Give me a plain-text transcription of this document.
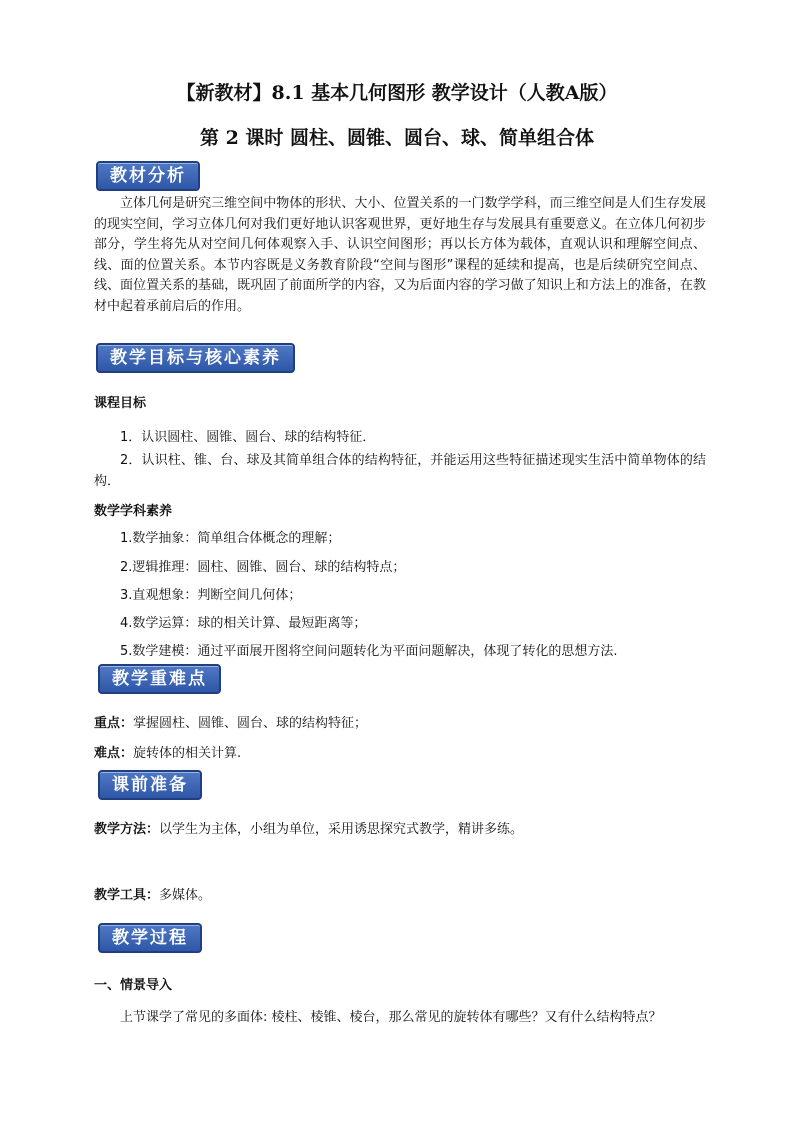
【新教材】8.1 基本几何图形 教学设计（人教A版）
第 2 课时 圆柱、圆锥、圆台、球、简单组合体
教材分析
立体几何是研究三维空间中物体的形状、大小、位置关系的一门数学学科，而三维空间是人们生存发展的现实空间，学习立体几何对我们更好地认识客观世界，更好地生存与发展具有重要意义。在立体几何初步部分，学生将先从对空间几何体观察入手、认识空间图形；再以长方体为载体，直观认识和理解空间点、线、面的位置关系。本节内容既是义务教育阶段“空间与图形”课程的延续和提高，也是后续研究空间点、线、面位置关系的基础，既巩固了前面所学的内容，又为后面内容的学习做了知识上和方法上的准备，在教材中起着承前启后的作用。
教学目标与核心素养
课程目标
1．认识圆柱、圆锥、圆台、球的结构特征．
2．认识柱、锥、台、球及其简单组合体的结构特征，并能运用这些特征描述现实生活中简单物体的结构．
数学学科素养
1.数学抽象：简单组合体概念的理解；
2.逻辑推理：圆柱、圆锥、圆台、球的结构特点；
3.直观想象：判断空间几何体；
4.数学运算：球的相关计算、最短距离等；
5.数学建模：通过平面展开图将空间问题转化为平面问题解决，体现了转化的思想方法.
教学重难点
重点：掌握圆柱、圆锥、圆台、球的结构特征；
难点：旋转体的相关计算.
课前准备
教学方法：以学生为主体，小组为单位，采用诱思探究式教学，精讲多练。
教学工具：多媒体。
教学过程
一、情景导入
上节课学了常见的多面体: 棱柱、棱锥、棱台，那么常见的旋转体有哪些？又有什么结构特点？
